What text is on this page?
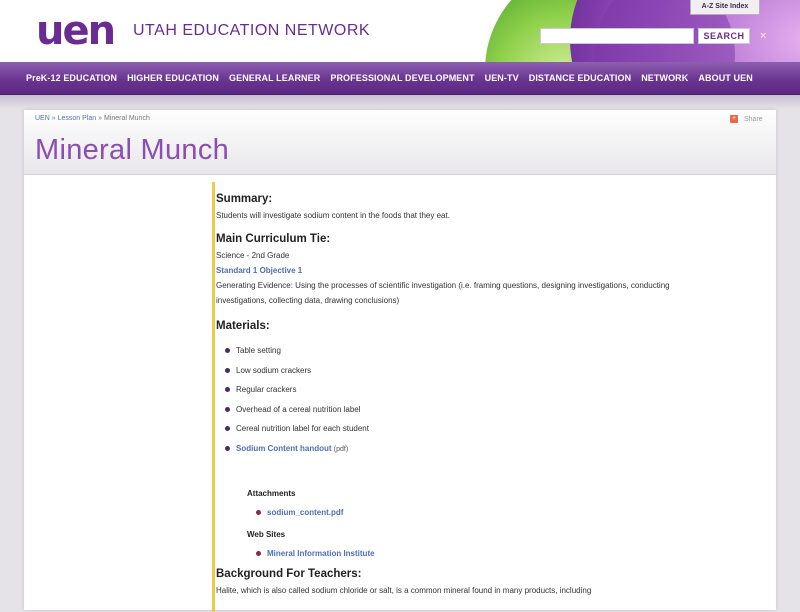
uen UTAH EDUCATION NETWORK
A-Z Site Index
SEARCH	×
PreK-12 EDUCATION HIGHER EDUCATION GENERAL LEARNER PROFESSIONAL DEVELOPMENT UEN-TV DISTANCE EDUCATION NETWORK ABOUT UEN
UEN » Lesson Plan » Mineral Munch	+ Share
Mineral Munch
Summary:

Students will investigate sodium content in the foods that they eat.

Main Curriculum Tie:

Science - 2nd Grade

Standard 1 Objective 1

Generating Evidence: Using the processes of scientific investigation (i.e. framing questions, designing investigations, conducting investigations, collecting data, drawing conclusions)

Materials:
Table setting
Low sodium crackers
Regular crackers
Overhead of a cereal nutrition label
Cereal nutrition label for each student
Sodium Content handout (pdf)
Attachments
sodium_content.pdf
Web Sites
Mineral Information Institute
Background For Teachers:

Halite, which is also called sodium chloride or salt, is a common mineral found in many products, including
